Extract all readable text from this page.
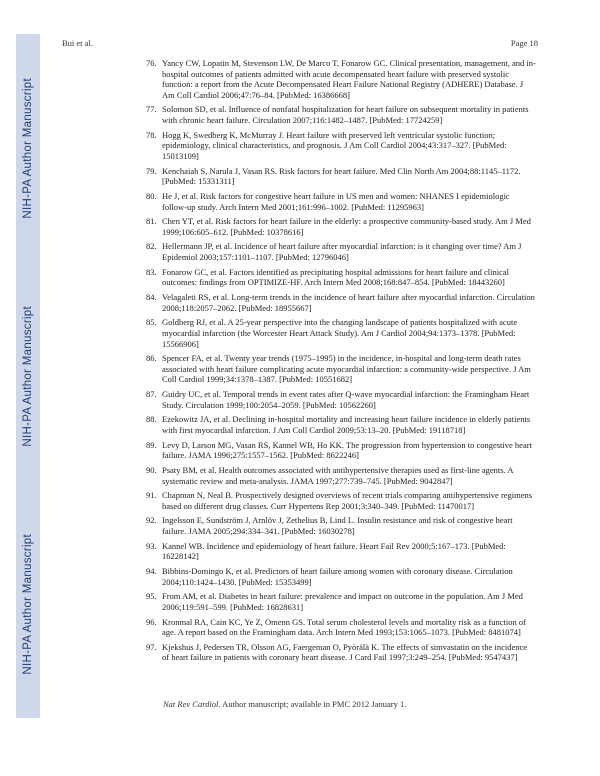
NIH-PA Author Manuscript
NIH-PA Author Manuscript
NIH-PA Author Manuscript
Bui et al.	Page 18
76. Yancy CW, Lopatin M, Stevenson LW, De Marco T, Fonarow GC. Clinical presentation, management, and in-hospital outcomes of patients admitted with acute decompensated heart failure with preserved systolic function: a report from the Acute Decompensated Heart Failure National Registry (ADHERE) Database. J Am Coll Cardiol 2006;47:76–84. [PubMed: 16386668]
77. Solomon SD, et al. Influence of nonfatal hospitalization for heart failure on subsequent mortality in patients with chronic heart failure. Circulation 2007;116:1482–1487. [PubMed: 17724259]
78. Hogg K, Swedberg K, McMurray J. Heart failure with preserved left ventricular systolic function; epidemiology, clinical characteristics, and prognosis. J Am Coll Cardiol 2004;43:317–327. [PubMed: 15013109]
79. Kenchaiah S, Narula J, Vasan RS. Risk factors for heart failure. Med Clin North Am 2004;88:1145–1172. [PubMed: 15331311]
80. He J, et al. Risk factors for congestive heart failure in US men and women: NHANES I epidemiologic follow-up study. Arch Intern Med 2001;161:996–1002. [PubMed: 11295963]
81. Chen YT, et al. Risk factors for heart failure in the elderly: a prospective community-based study. Am J Med 1999;106:605–612. [PubMed: 10378616]
82. Hellermann JP, et al. Incidence of heart failure after myocardial infarction: is it changing over time? Am J Epidemiol 2003;157:1101–1107. [PubMed: 12796046]
83. Fonarow GC, et al. Factors identified as precipitating hospital admissions for heart failure and clinical outcomes: findings from OPTIMIZE-HF. Arch Intern Med 2008;168:847–854. [PubMed: 18443260]
84. Velagaleti RS, et al. Long-term trends in the incidence of heart failure after myocardial infarction. Circulation 2008;118:2057–2062. [PubMed: 18955667]
85. Goldberg RJ, et al. A 25-year perspective into the changing landscape of patients hospitalized with acute myocardial infarction (the Worcester Heart Attack Study). Am J Cardiol 2004;94:1373–1378. [PubMed: 15566906]
86. Spencer FA, et al. Twenty year trends (1975–1995) in the incidence, in-hospital and long-term death rates associated with heart failure complicating acute myocardial infarction: a community-wide perspective. J Am Coll Cardiol 1999;34:1378–1387. [PubMed: 10551682]
87. Guidry UC, et al. Temporal trends in event rates after Q-wave myocardial infarction: the Framingham Heart Study. Circulation 1999;100:2054–2059. [PubMed: 10562260]
88. Ezekowitz JA, et al. Declining in-hospital mortality and increasing heart failure incidence in elderly patients with first myocardial infarction. J Am Coll Cardiol 2009;53:13–20. [PubMed: 19118718]
89. Levy D, Larson MG, Vasan RS, Kannel WB, Ho KK. The progression from hypertension to congestive heart failure. JAMA 1996;275:1557–1562. [PubMed: 8622246]
90. Psaty BM, et al. Health outcomes associated with antihypertensive therapies used as first-line agents. A systematic review and meta-analysis. JAMA 1997;277:739–745. [PubMed: 9042847]
91. Chapman N, Neal B. Prospectively designed overviews of recent trials comparing antihypertensive regimens based on different drug classes. Curr Hypertens Rep 2001;3:340–349. [PubMed: 11470017]
92. Ingelsson E, Sundström J, Arnlöv J, Zethelius B, Lind L. Insulin resistance and risk of congestive heart failure. JAMA 2005;294:334–341. [PubMed: 16030278]
93. Kannel WB. Incidence and epidemiology of heart failure. Heart Fail Rev 2000;5:167–173. [PubMed: 16228142]
94. Bibbins-Domingo K, et al. Predictors of heart failure among women with coronary disease. Circulation 2004;110:1424–1430. [PubMed: 15353499]
95. From AM, et al. Diabetes in heart failure: prevalence and impact on outcome in the population. Am J Med 2006;119:591–599. [PubMed: 16828631]
96. Kronmal RA, Cain KC, Ye Z, Omenn GS. Total serum cholesterol levels and mortality risk as a function of age. A report based on the Framingham data. Arch Intern Med 1993;153:1065–1073. [PubMed: 8481074]
97. Kjekshus J, Pedersen TR, Olsson AG, Faergeman O, Pyörälä K. The effects of simvastatin on the incidence of heart failure in patients with coronary heart disease. J Card Fail 1997;3:249–254. [PubMed: 9547437]
Nat Rev Cardiol. Author manuscript; available in PMC 2012 January 1.
